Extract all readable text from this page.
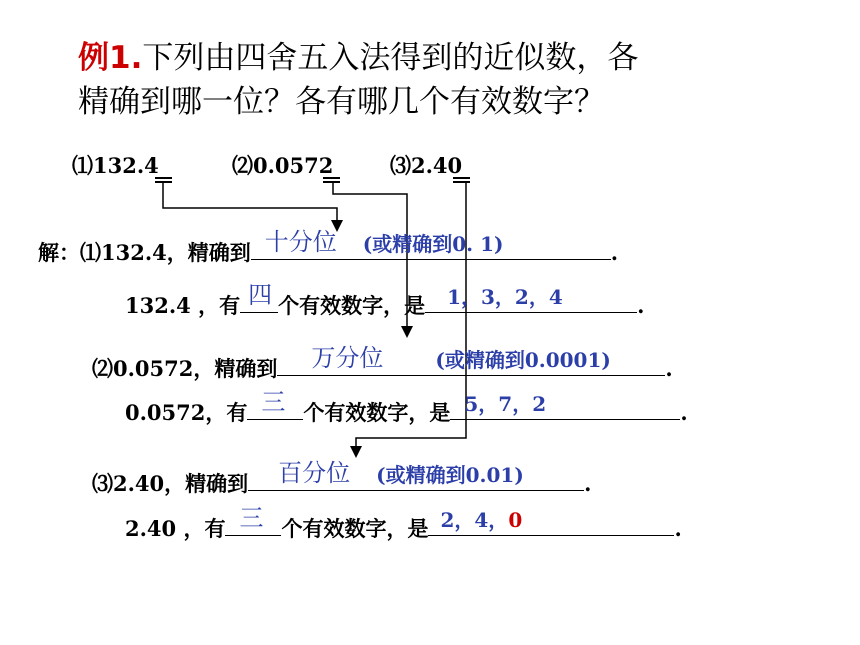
例1.下列由四舍五入法得到的近似数，各
精确到哪一位？各有哪几个有效数字？
⑴132.4	⑵0.0572	⑶2.40
解：⑴132.4，精确到 十分位 (或精确到0. 1)	.
132.4 ，有 四 个有效数字，是 1，3，2，4	.
⑵0.0572，精确到 万分位	(或精确到0.0001)	.
0.0572，有 三 个有效数字，是 5，7，2	.
⑶2.40，精确到 百分位 (或精确到0.01)	.
2.40 ，有 三 个有效数字，是 2，4，0	.
